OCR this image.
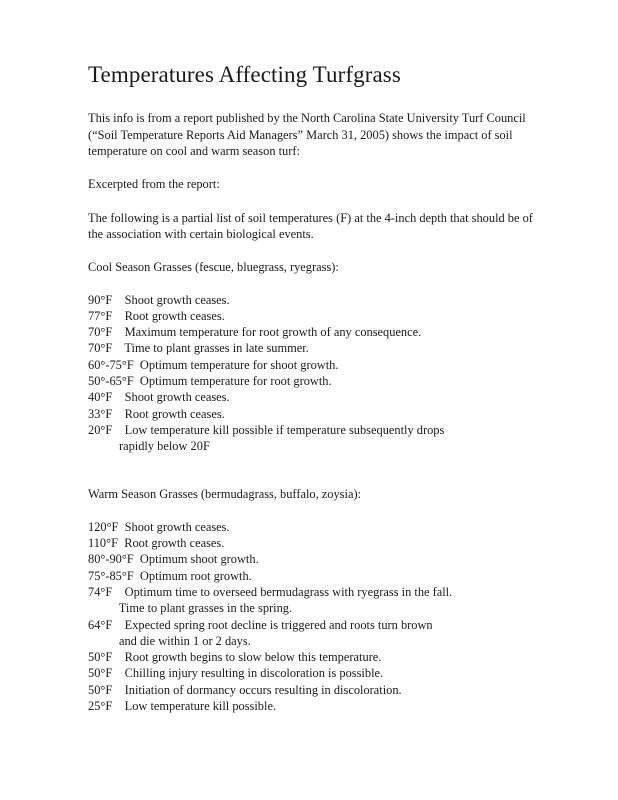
Temperatures Affecting Turfgrass

This info is from a report published by the North Carolina State University Turf Council (“Soil Temperature Reports Aid Managers” March 31, 2005) shows the impact of soil temperature on cool and warm season turf:

Excerpted from the report:

The following is a partial list of soil temperatures (F) at the 4-inch depth that should be of the association with certain biological events.

Cool Season Grasses (fescue, bluegrass, ryegrass):

90°F Shoot growth ceases.
77°F Root growth ceases.
70°F Maximum temperature for root growth of any consequence.
70°F Time to plant grasses in late summer.
60°-75°F Optimum temperature for shoot growth.
50°-65°F Optimum temperature for root growth.
40°F Shoot growth ceases.
33°F Root growth ceases.
20°F Low temperature kill possible if temperature subsequently drops
rapidly below 20F

Warm Season Grasses (bermudagrass, buffalo, zoysia):

120°F Shoot growth ceases.
110°F Root growth ceases.
80°-90°F Optimum shoot growth.
75°-85°F Optimum root growth.
74°F Optimum time to overseed bermudagrass with ryegrass in the fall.
Time to plant grasses in the spring.
64°F Expected spring root decline is triggered and roots turn brown
and die within 1 or 2 days.
50°F Root growth begins to slow below this temperature.
50°F Chilling injury resulting in discoloration is possible.
50°F Initiation of dormancy occurs resulting in discoloration.
25°F Low temperature kill possible.
